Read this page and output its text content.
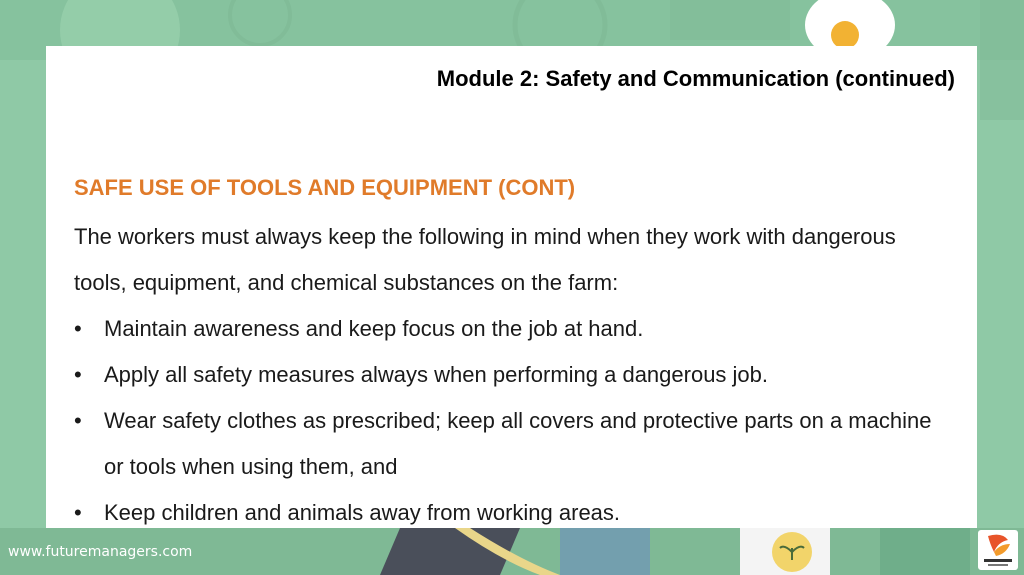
Module 2: Safety and Communication (continued)
SAFE USE OF TOOLS AND EQUIPMENT (CONT)

The workers must always keep the following in mind when they work with dangerous tools, equipment, and chemical substances on the farm:

• Maintain awareness and keep focus on the job at hand.
• Apply all safety measures always when performing a dangerous job.
• Wear safety clothes as prescribed; keep all covers and protective parts on a machine or tools when using them, and
• Keep children and animals away from working areas.
www.futuremanagers.com
